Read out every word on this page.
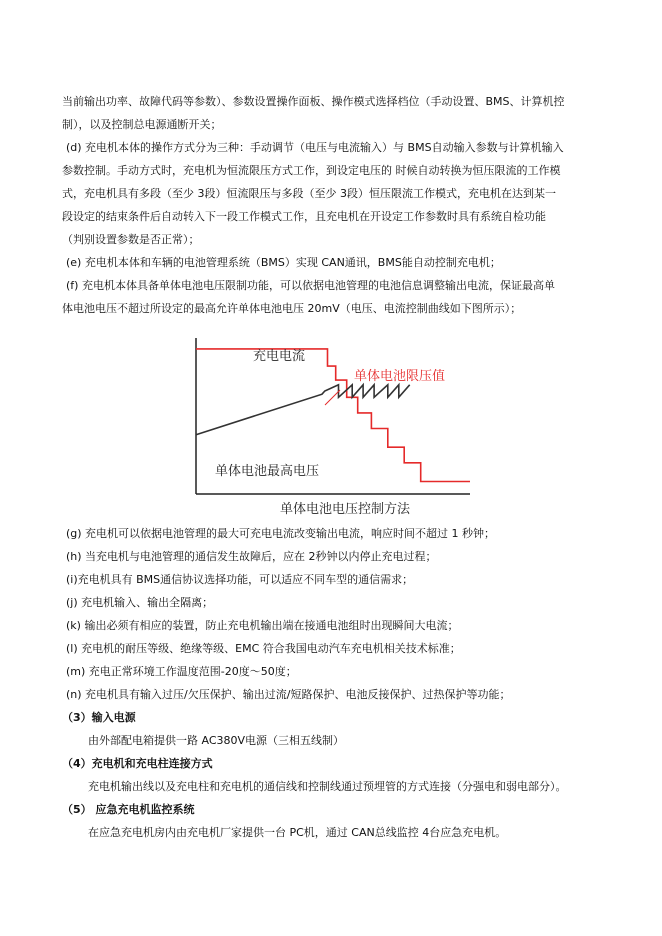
当前输出功率、故障代码等参数）、参数设置操作面板、操作模式选择档位（手动设置、BMS、计算机控
制），以及控制总电源通断开关；
(d) 充电机本体的操作方式分为三种：手动调节（电压与电流输入）与 BMS自动输入参数与计算机输入
参数控制。手动方式时，充电机为恒流限压方式工作，到设定电压的 时候自动转换为恒压限流的工作模
式，充电机具有多段（至少 3段）恒流限压与多段（至少 3段）恒压限流工作模式，充电机在达到某一
段设定的结束条件后自动转入下一段工作模式工作，且充电机在开设定工作参数时具有系统自检功能
（判别设置参数是否正常）；
(e) 充电机本体和车辆的电池管理系统（BMS）实现 CAN通讯，BMS能自动控制充电机；
(f) 充电机本体具备单体电池电压限制功能，可以依据电池管理的电池信息调整输出电流，保证最高单
体电池电压不超过所设定的最高允许单体电池电压 20mV（电压、电流控制曲线如下图所示）；
充电电流
单体电池限压值
单体电池最高电压
单体电池电压控制方法
(g) 充电机可以依据电池管理的最大可充电电流改变输出电流，响应时间不超过 1 秒钟；
(h) 当充电机与电池管理的通信发生故障后，应在 2秒钟以内停止充电过程；
(i)充电机具有 BMS通信协议选择功能，可以适应不同车型的通信需求；
(j) 充电机输入、输出全隔离；
(k) 输出必须有相应的装置，防止充电机输出端在接通电池组时出现瞬间大电流；
(l) 充电机的耐压等级、绝缘等级、EMC 符合我国电动汽车充电机相关技术标准；
(m) 充电正常环境工作温度范围-20度～50度；
(n) 充电机具有输入过压/欠压保护、输出过流/短路保护、电池反接保护、过热保护等功能；
（3）输入电源
由外部配电箱提供一路 AC380V电源（三相五线制）
（4）充电机和充电柱连接方式
充电机输出线以及充电柱和充电机的通信线和控制线通过预埋管的方式连接（分强电和弱电部分）。
（5） 应急充电机监控系统
在应急充电机房内由充电机厂家提供一台 PC机，通过 CAN总线监控 4台应急充电机。
